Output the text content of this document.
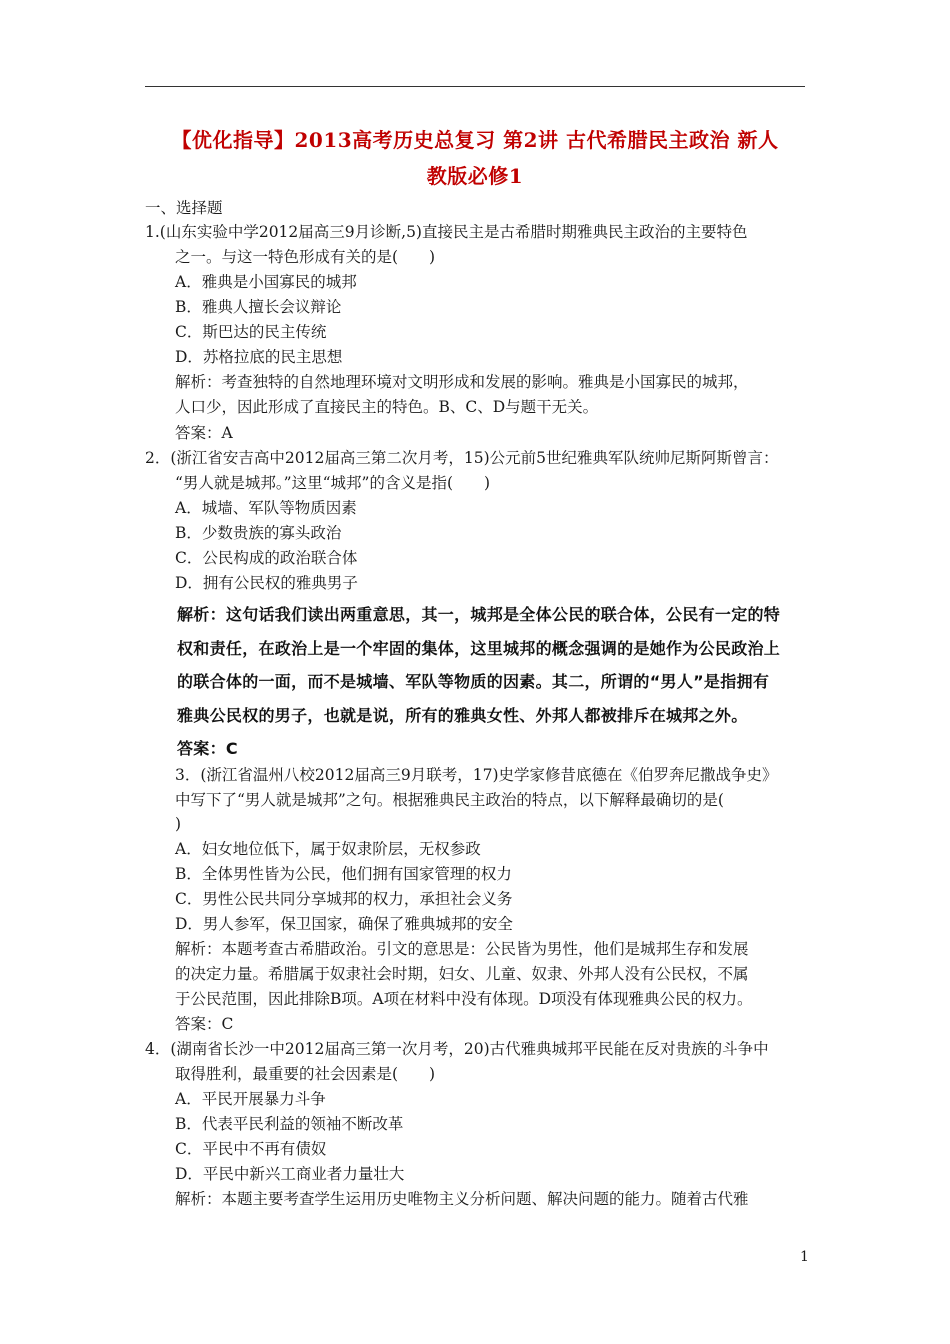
【优化指导】2013高考历史总复习 第2讲 古代希腊民主政治 新人
教版必修1
一、选择题
1.(山东实验中学2012届高三9月诊断,5)直接民主是古希腊时期雅典民主政治的主要特色
之一。与这一特色形成有关的是(　　)
A．雅典是小国寡民的城邦
B．雅典人擅长会议辩论
C．斯巴达的民主传统
D．苏格拉底的民主思想
解析：考查独特的自然地理环境对文明形成和发展的影响。雅典是小国寡民的城邦，
人口少，因此形成了直接民主的特色。B、C、D与题干无关。
答案：A
2．(浙江省安吉高中2012届高三第二次月考，15)公元前5世纪雅典军队统帅尼斯阿斯曾言：
“男人就是城邦。”这里“城邦”的含义是指(　　)
A．城墙、军队等物质因素
B．少数贵族的寡头政治
C．公民构成的政治联合体
D．拥有公民权的雅典男子
解析：这句话我们读出两重意思，其一，城邦是全体公民的联合体，公民有一定的特
权和责任，在政治上是一个牢固的集体，这里城邦的概念强调的是她作为公民政治上
的联合体的一面，而不是城墙、军队等物质的因素。其二，所谓的“男人”是指拥有
雅典公民权的男子，也就是说，所有的雅典女性、外邦人都被排斥在城邦之外。
答案：C
3．(浙江省温州八校2012届高三9月联考，17)史学家修昔底德在《伯罗奔尼撒战争史》
中写下了“男人就是城邦”之句。根据雅典民主政治的特点，以下解释最确切的是(
)
A．妇女地位低下，属于奴隶阶层，无权参政
B．全体男性皆为公民，他们拥有国家管理的权力
C．男性公民共同分享城邦的权力，承担社会义务
D．男人参军，保卫国家，确保了雅典城邦的安全
解析：本题考查古希腊政治。引文的意思是：公民皆为男性，他们是城邦生存和发展
的决定力量。希腊属于奴隶社会时期，妇女、儿童、奴隶、外邦人没有公民权，不属
于公民范围，因此排除B项。A项在材料中没有体现。D项没有体现雅典公民的权力。
答案：C
4．(湖南省长沙一中2012届高三第一次月考，20)古代雅典城邦平民能在反对贵族的斗争中
取得胜利，最重要的社会因素是(　　)
A．平民开展暴力斗争
B．代表平民利益的领袖不断改革
C．平民中不再有债奴
D．平民中新兴工商业者力量壮大
解析：本题主要考查学生运用历史唯物主义分析问题、解决问题的能力。随着古代雅
1
